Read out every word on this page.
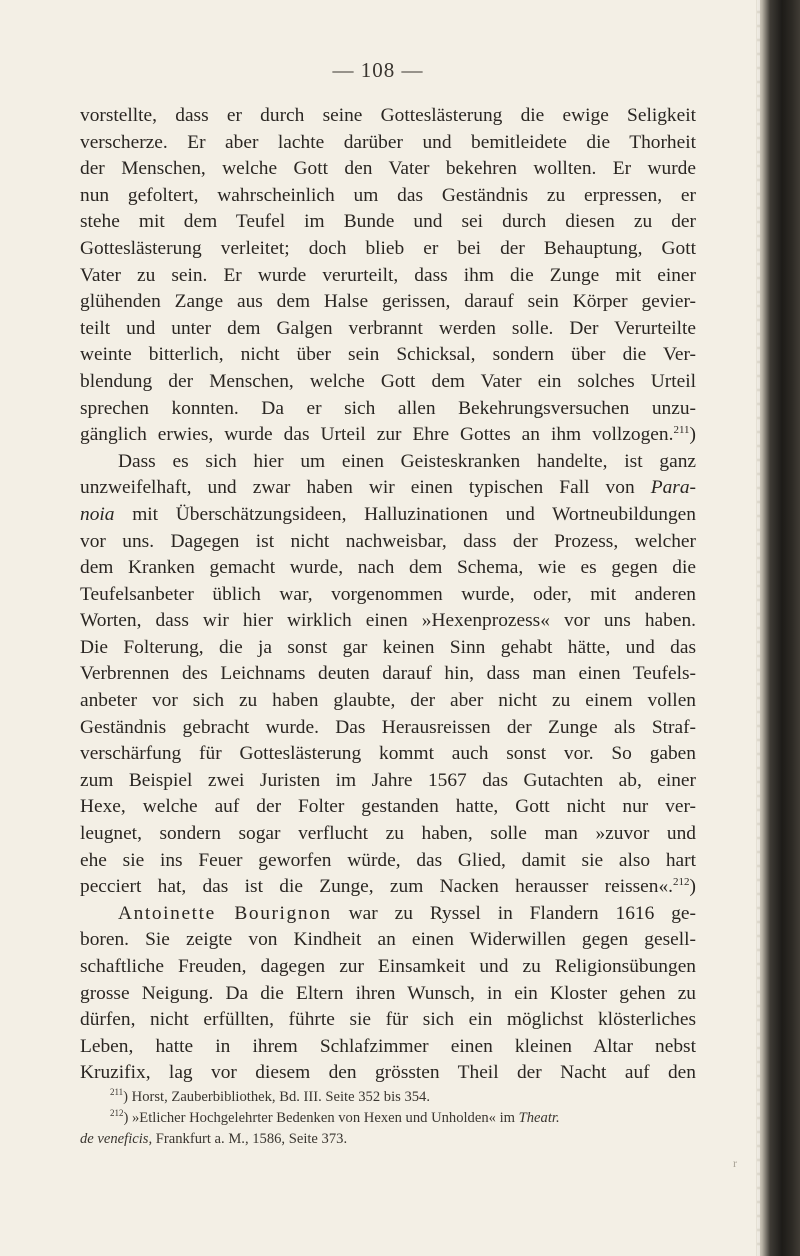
— 108 —
vorstellte, dass er durch seine Gotteslästerung die ewige Seligkeit
verscherze. Er aber lachte darüber und bemitleidete die Thorheit
der Menschen, welche Gott den Vater bekehren wollten. Er wurde
nun gefoltert, wahrscheinlich um das Geständnis zu erpressen, er
stehe mit dem Teufel im Bunde und sei durch diesen zu der
Gotteslästerung verleitet; doch blieb er bei der Behauptung, Gott
Vater zu sein. Er wurde verurteilt, dass ihm die Zunge mit einer
glühenden Zange aus dem Halse gerissen, darauf sein Körper gevier-
teilt und unter dem Galgen verbrannt werden solle. Der Verurteilte
weinte bitterlich, nicht über sein Schicksal, sondern über die Ver-
blendung der Menschen, welche Gott dem Vater ein solches Urteil
sprechen konnten. Da er sich allen Bekehrungsversuchen unzu-
gänglich erwies, wurde das Urteil zur Ehre Gottes an ihm vollzogen.$^{211}$)
Dass es sich hier um einen Geisteskranken handelte, ist ganz
unzweifelhaft, und zwar haben wir einen typischen Fall von Para-
noia mit Überschätzungsideen, Halluzinationen und Wortneubildungen
vor uns. Dagegen ist nicht nachweisbar, dass der Prozess, welcher
dem Kranken gemacht wurde, nach dem Schema, wie es gegen die
Teufelsanbeter üblich war, vorgenommen wurde, oder, mit anderen
Worten, dass wir hier wirklich einen »Hexenprozess« vor uns haben.
Die Folterung, die ja sonst gar keinen Sinn gehabt hätte, und das
Verbrennen des Leichnams deuten darauf hin, dass man einen Teufels-
anbeter vor sich zu haben glaubte, der aber nicht zu einem vollen
Geständnis gebracht wurde. Das Herausreissen der Zunge als Straf-
verschärfung für Gotteslästerung kommt auch sonst vor. So gaben
zum Beispiel zwei Juristen im Jahre 1567 das Gutachten ab, einer
Hexe, welche auf der Folter gestanden hatte, Gott nicht nur ver-
leugnet, sondern sogar verflucht zu haben, solle man »zuvor und
ehe sie ins Feuer geworfen würde, das Glied, damit sie also hart
pecciert hat, das ist die Zunge, zum Nacken herausser reissen«.$^{212}$)
Antoinette Bourignon war zu Ryssel in Flandern 1616 ge-
boren. Sie zeigte von Kindheit an einen Widerwillen gegen gesell-
schaftliche Freuden, dagegen zur Einsamkeit und zu Religionsübungen
grosse Neigung. Da die Eltern ihren Wunsch, in ein Kloster gehen zu
dürfen, nicht erfüllten, führte sie für sich ein möglichst klösterliches
Leben, hatte in ihrem Schlafzimmer einen kleinen Altar nebst
Kruzifix, lag vor diesem den grössten Theil der Nacht auf den
$^{211}$) Horst, Zauberbibliothek, Bd. III. Seite 352 bis 354.
$^{212}$) »Etlicher Hochgelehrter Bedenken von Hexen und Unholden« im Theatr.
de veneficis, Frankfurt a. M., 1586, Seite 373.
r
